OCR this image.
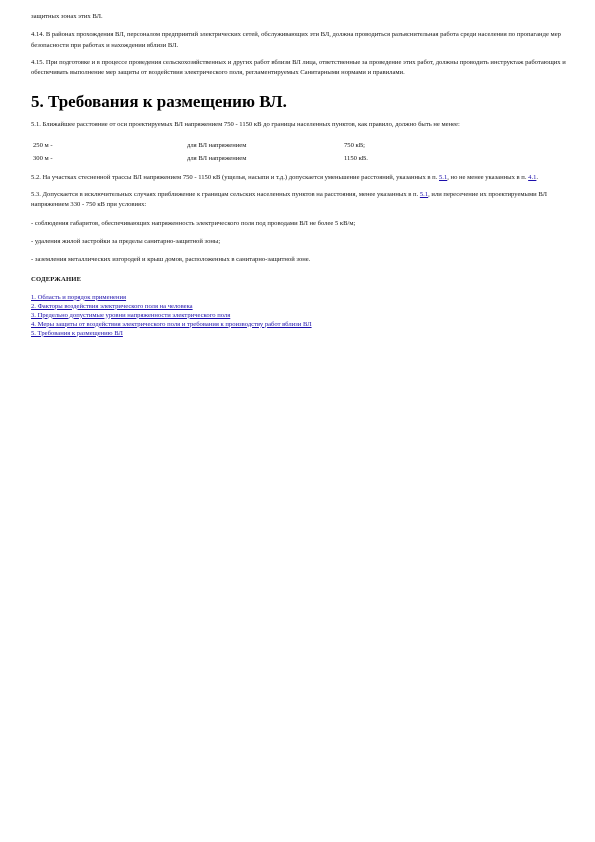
защитных зонах этих ВЛ.

4.14. В районах прохождения ВЛ, персоналом предприятий электрических сетей, обслуживающих эти ВЛ, должна проводиться разъяснительная работа среди населения по пропаганде мер безопасности при работах и нахождении вблизи ВЛ.

4.15. При подготовке и в процессе проведения сельскохозяйственных и других работ вблизи ВЛ лица, ответственные за проведение этих работ, должны проводить инструктаж работающих и обеспечивать выполнение мер защиты от воздействия электрического поля, регламентируемых Санитарными нормами и правилами.

5. Требования к размещению ВЛ.

5.1. Ближайшее расстояние от оси проектируемых ВЛ напряжением 750 - 1150 кВ до границы населенных пунктов, как правило, должно быть не менее:

250 м -	для ВЛ напряжением	750 кВ;
300 м -	для ВЛ напряжением	1150 кВ.

5.2. На участках стесненной трассы ВЛ напряжением 750 - 1150 кВ (ущелья, насыпи и т.д.) допускается уменьшение расстояний, указанных в п. 5.1, но не менее указанных в п. 4.1.

5.3. Допускается в исключительных случаях приближение к границам сельских населенных пунктов на расстояния, менее указанных в п. 5.1, или пересечение их проектируемыми ВЛ напряжением 330 - 750 кВ при условиях:

- соблюдения габаритов, обеспечивающих напряженность электрического поля под проводами ВЛ не более 5 кВ/м;

- удаления жилой застройки за пределы санитарно-защитной зоны;

- заземления металлических изгородей и крыш домов, расположенных в санитарно-защитной зоне.

СОДЕРЖАНИЕ
1. Область и порядок применения
2. Факторы воздействия электрического поля на человека
3. Предельно допустимые уровни напряженности электрического поля
4. Меры защиты от воздействия электрического поля и требования к производству работ вблизи ВЛ
5. Требования к размещению ВЛ
